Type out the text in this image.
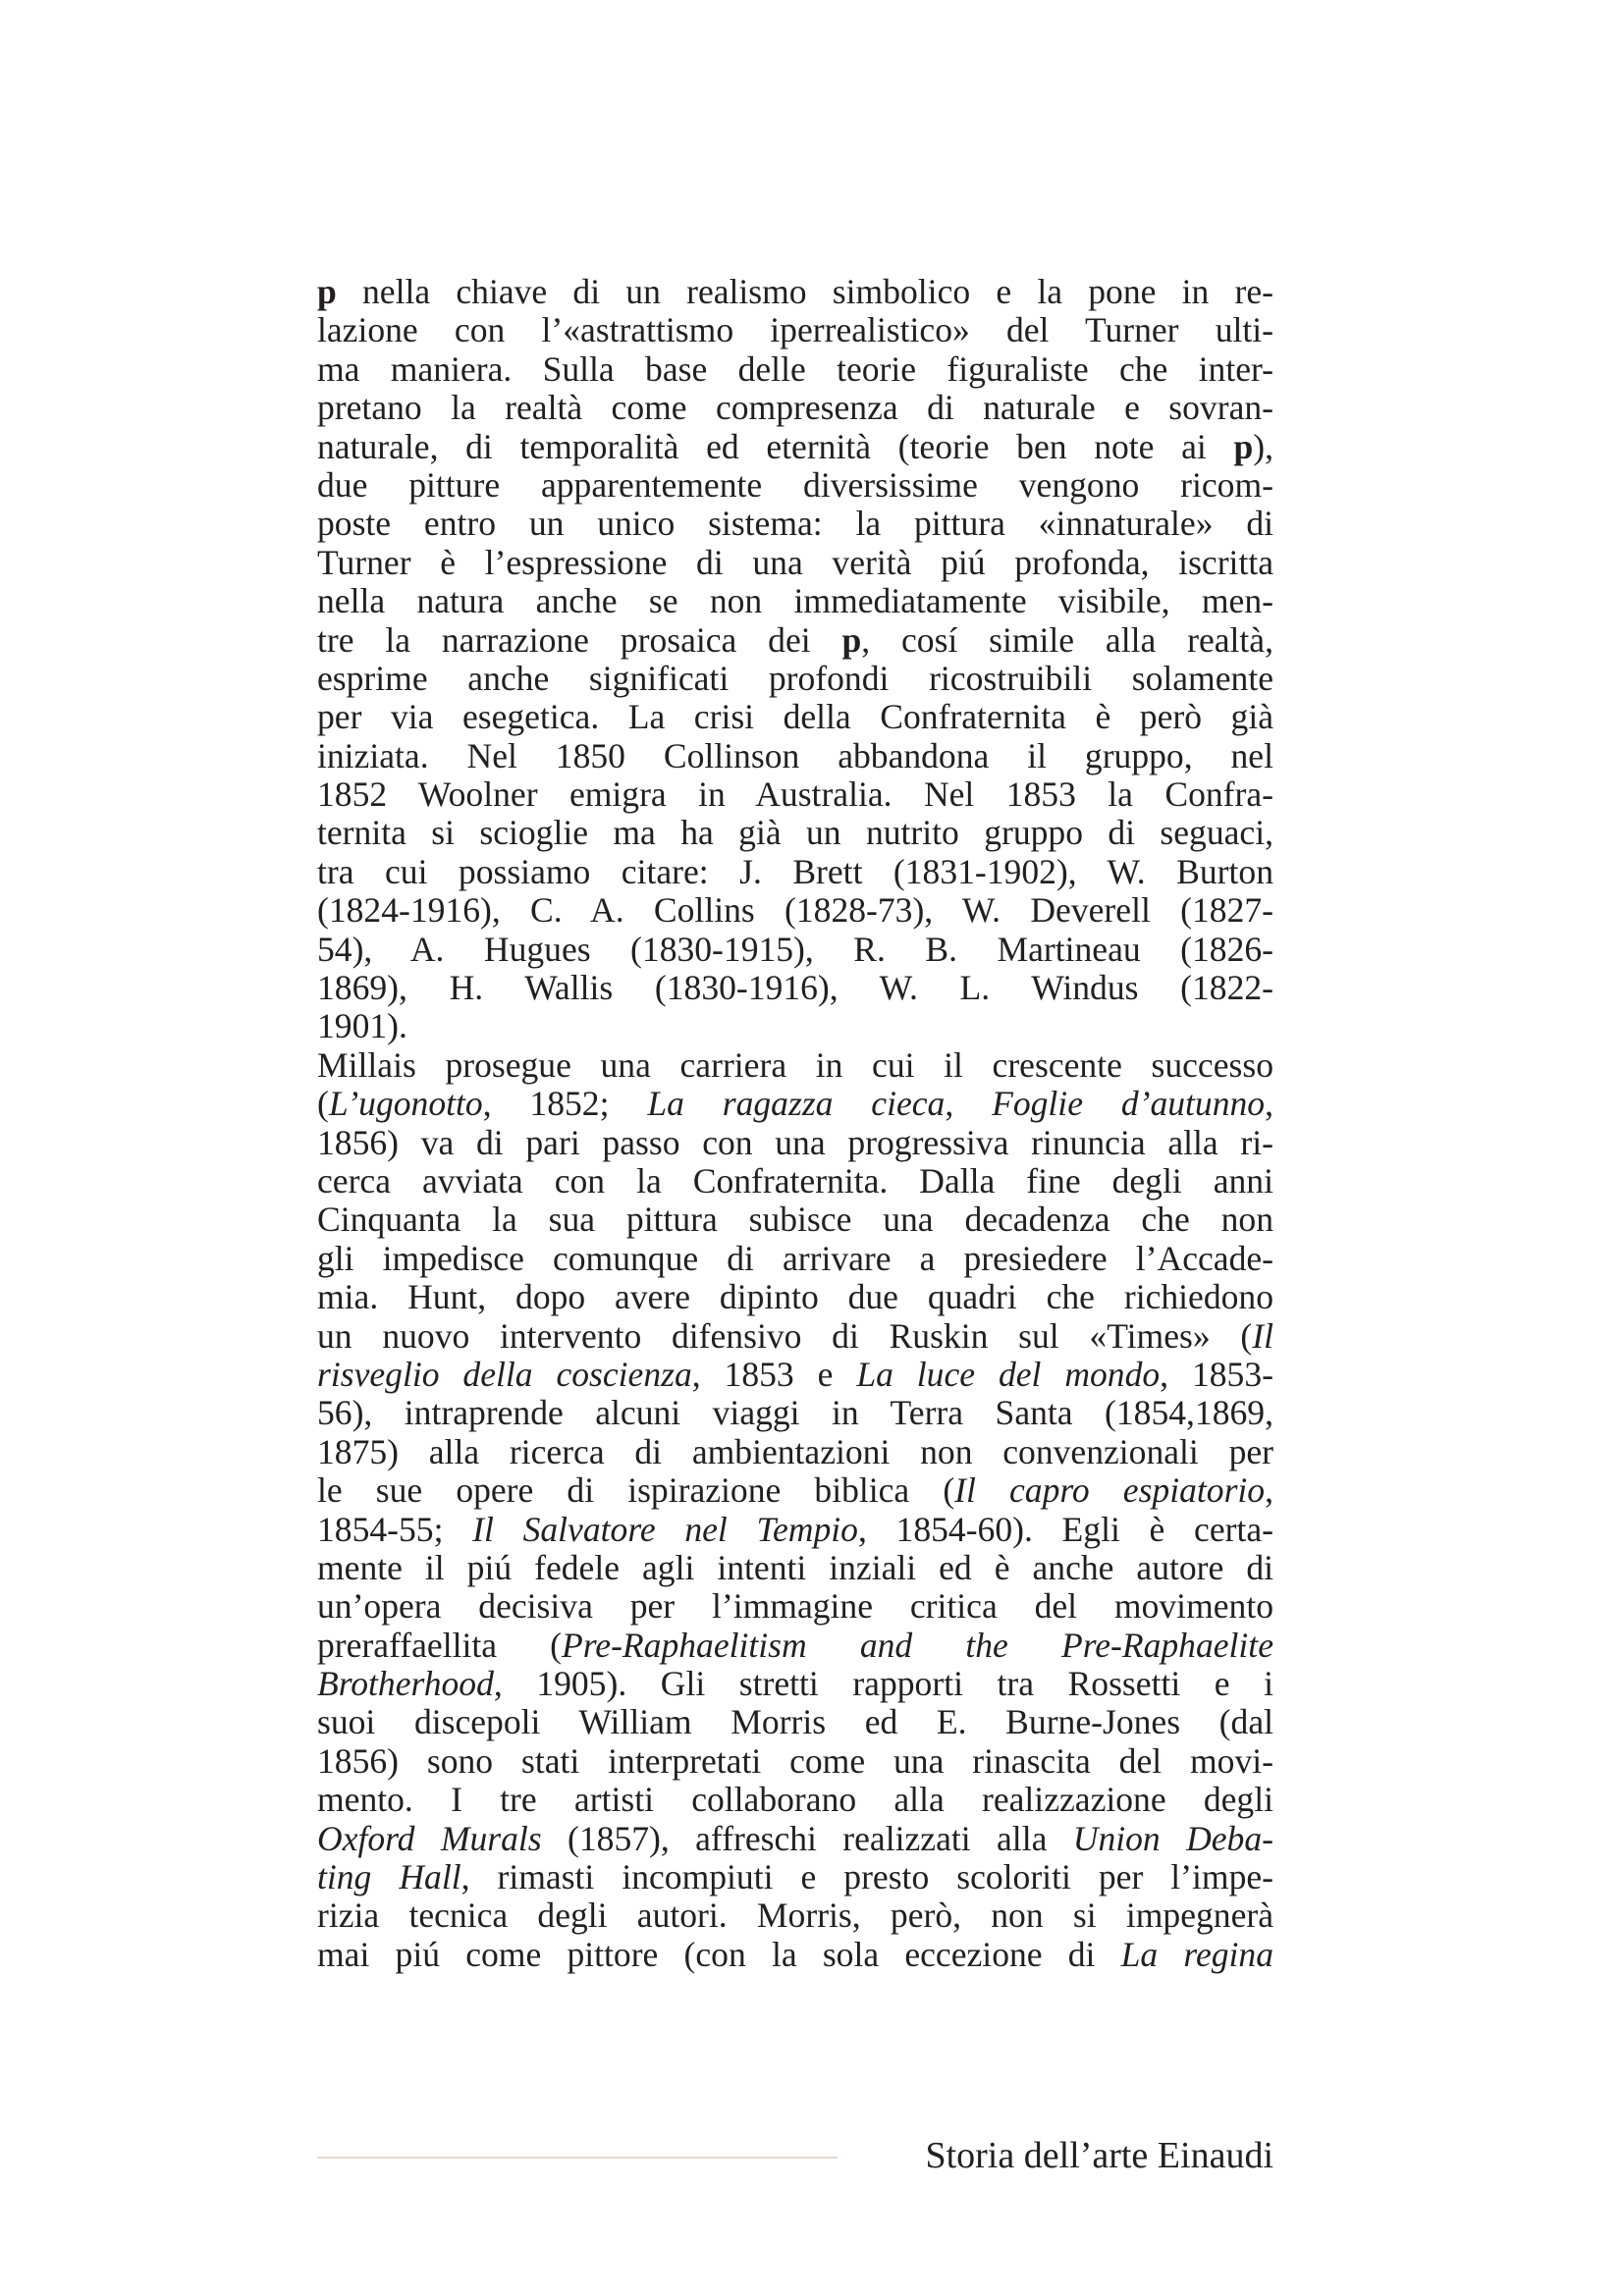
p nella chiave di un realismo simbolico e la pone in re-
lazione con l’«astrattismo iperrealistico» del Turner ulti-
ma maniera. Sulla base delle teorie figuraliste che inter-
pretano la realtà come compresenza di naturale e sovran-
naturale, di temporalità ed eternità (teorie ben note ai p),
due pitture apparentemente diversissime vengono ricom-
poste entro un unico sistema: la pittura «innaturale» di
Turner è l’espressione di una verità piú profonda, iscritta
nella natura anche se non immediatamente visibile, men-
tre la narrazione prosaica dei p, cosí simile alla realtà,
esprime anche significati profondi ricostruibili solamente
per via esegetica. La crisi della Confraternita è però già
iniziata. Nel 1850 Collinson abbandona il gruppo, nel
1852 Woolner emigra in Australia. Nel 1853 la Confra-
ternita si scioglie ma ha già un nutrito gruppo di seguaci,
tra cui possiamo citare: J. Brett (1831-1902), W. Burton
(1824-1916), C. A. Collins (1828-73), W. Deverell (1827-
54), A. Hugues (1830-1915), R. B. Martineau (1826-
1869), H. Wallis (1830-1916), W. L. Windus (1822-
1901).
Millais prosegue una carriera in cui il crescente successo
(L’ugonotto, 1852; La ragazza cieca, Foglie d’autunno,
1856) va di pari passo con una progressiva rinuncia alla ri-
cerca avviata con la Confraternita. Dalla fine degli anni
Cinquanta la sua pittura subisce una decadenza che non
gli impedisce comunque di arrivare a presiedere l’Accade-
mia. Hunt, dopo avere dipinto due quadri che richiedono
un nuovo intervento difensivo di Ruskin sul «Times» (Il
risveglio della coscienza, 1853 e La luce del mondo, 1853-
56), intraprende alcuni viaggi in Terra Santa (1854,1869,
1875) alla ricerca di ambientazioni non convenzionali per
le sue opere di ispirazione biblica (Il capro espiatorio,
1854-55; Il Salvatore nel Tempio, 1854-60). Egli è certa-
mente il piú fedele agli intenti inziali ed è anche autore di
un’opera decisiva per l’immagine critica del movimento
preraffaellita (Pre-Raphaelitism and the Pre-Raphaelite
Brotherhood, 1905). Gli stretti rapporti tra Rossetti e i
suoi discepoli William Morris ed E. Burne-Jones (dal
1856) sono stati interpretati come una rinascita del movi-
mento. I tre artisti collaborano alla realizzazione degli
Oxford Murals (1857), affreschi realizzati alla Union Deba-
ting Hall, rimasti incompiuti e presto scoloriti per l’impe-
rizia tecnica degli autori. Morris, però, non si impegnerà
mai piú come pittore (con la sola eccezione di La regina
Storia dell’arte Einaudi
